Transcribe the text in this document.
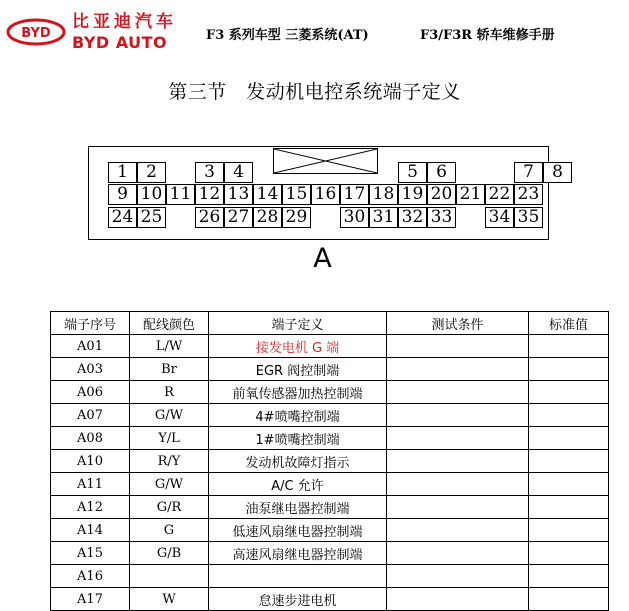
BYD
比亚迪汽车
BYD AUTO	F3 系列车型 三菱系统(AT)	F3/F3R 轿车维修手册
第三节　发动机电控系统端子定义
1	2	3	4	5	6	7	8
9 10 11 12 13 14 15 16 17 18 19 20 21 22 23
24 25 26 27 28 29 30 31 32 33 34 35
A
端子序号	配线颜色	端子定义	测试条件	标准值
A01	L/W	接发电机 G 端		
A03	Br	EGR 阀控制端		
A06	R	前氧传感器加热控制端		
A07	G/W	4#喷嘴控制端		
A08	Y/L	1#喷嘴控制端		
A10	R/Y	发动机故障灯指示		
A11	G/W	A/C 允许		
A12	G/R	油泵继电器控制端		
A14	G	低速风扇继电器控制端		
A15	G/B	高速风扇继电器控制端		
A16				
A17	W	怠速步进电机		
